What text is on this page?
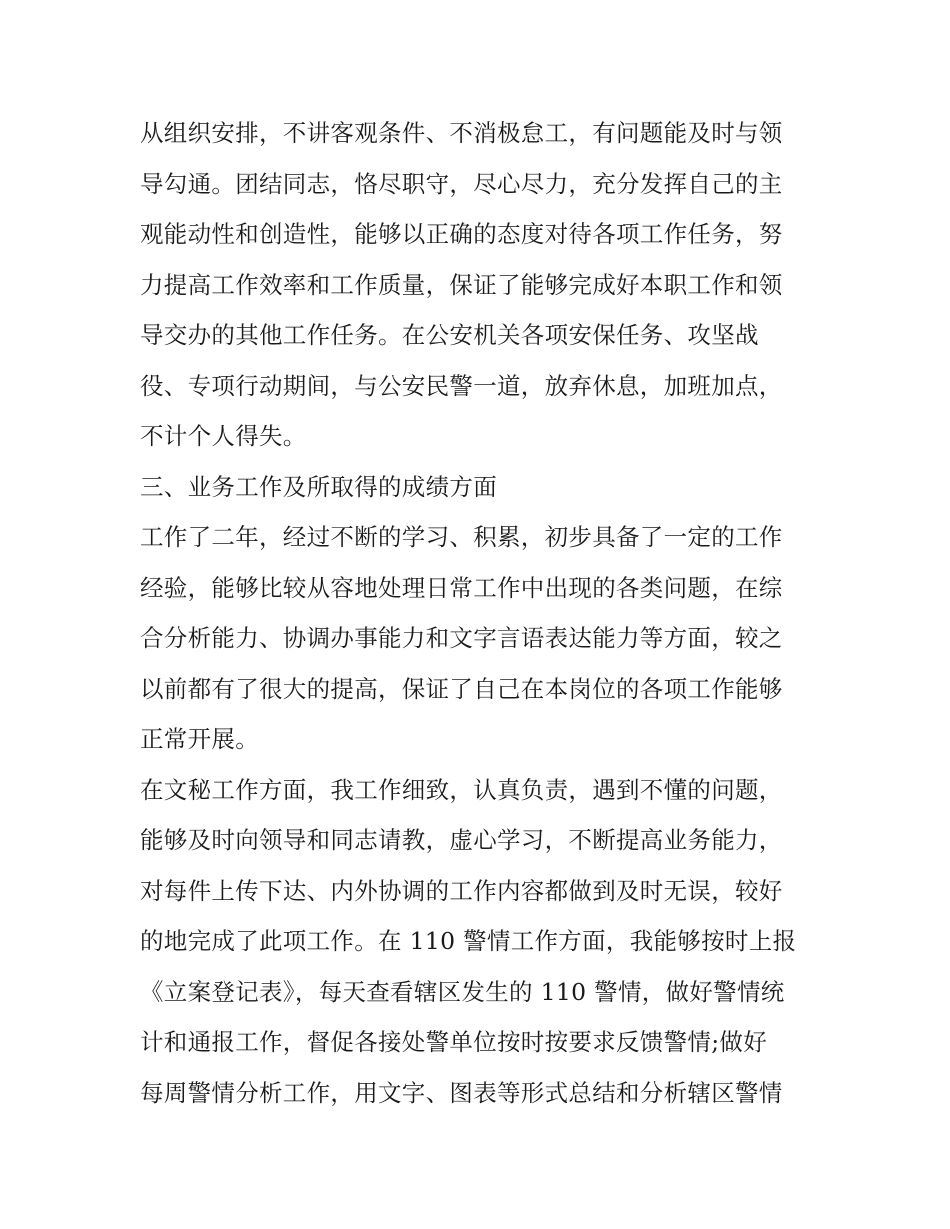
从组织安排，不讲客观条件、不消极怠工，有问题能及时与领
导勾通。团结同志，恪尽职守，尽心尽力，充分发挥自己的主
观能动性和创造性，能够以正确的态度对待各项工作任务，努
力提高工作效率和工作质量，保证了能够完成好本职工作和领
导交办的其他工作任务。在公安机关各项安保任务、攻坚战
役、专项行动期间，与公安民警一道，放弃休息，加班加点，
不计个人得失。
三、业务工作及所取得的成绩方面
工作了二年，经过不断的学习、积累，初步具备了一定的工作
经验，能够比较从容地处理日常工作中出现的各类问题，在综
合分析能力、协调办事能力和文字言语表达能力等方面，较之
以前都有了很大的提高，保证了自己在本岗位的各项工作能够
正常开展。
在文秘工作方面，我工作细致，认真负责，遇到不懂的问题，
能够及时向领导和同志请教，虚心学习，不断提高业务能力，
对每件上传下达、内外协调的工作内容都做到及时无误，较好
的地完成了此项工作。在 110 警情工作方面，我能够按时上报
《立案登记表》，每天查看辖区发生的 110 警情，做好警情统
计和通报工作，督促各接处警单位按时按要求反馈警情;做好
每周警情分析工作，用文字、图表等形式总结和分析辖区警情
